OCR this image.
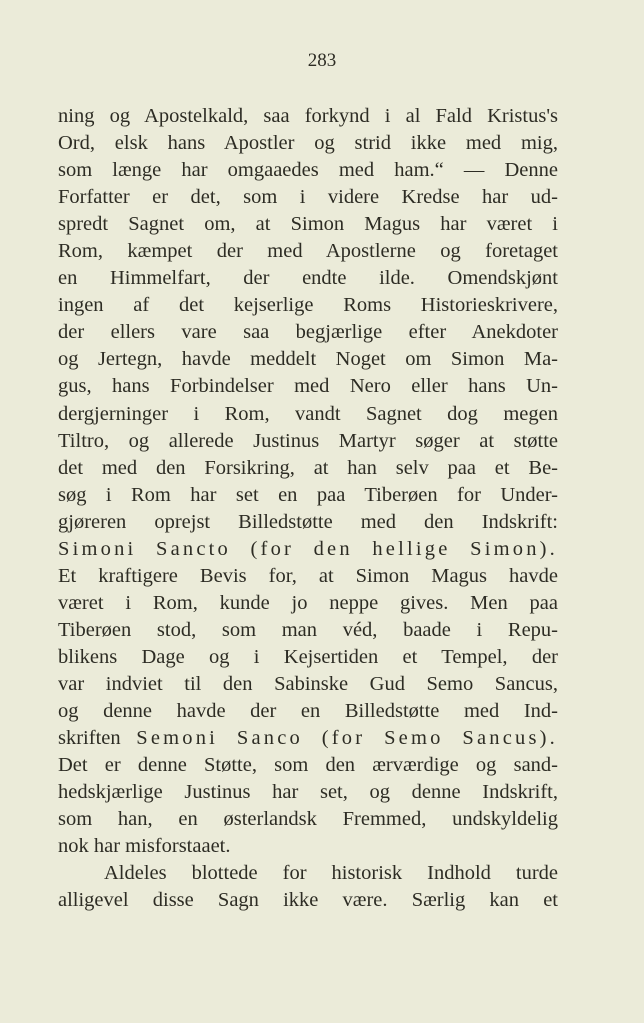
283
ning og Apostelkald, saa forkynd i al Fald Kristus's
Ord, elsk hans Apostler og strid ikke med mig,
som længe har omgaaedes med ham.“ — Denne
Forfatter er det, som i videre Kredse har ud-
spredt Sagnet om, at Simon Magus har været i
Rom, kæmpet der med Apostlerne og foretaget
en Himmelfart, der endte ilde. Omendskjønt
ingen af det kejserlige Roms Historieskrivere,
der ellers vare saa begjærlige efter Anekdoter
og Jertegn, havde meddelt Noget om Simon Ma-
gus, hans Forbindelser med Nero eller hans Un-
dergjerninger i Rom, vandt Sagnet dog megen
Tiltro, og allerede Justinus Martyr søger at støtte
det med den Forsikring, at han selv paa et Be-
søg i Rom har set en paa Tiberøen for Under-
gjøreren oprejst Billedstøtte med den Indskrift:
Simoni Sancto (for den hellige Simon).
Et kraftigere Bevis for, at Simon Magus havde
været i Rom, kunde jo neppe gives. Men paa
Tiberøen stod, som man véd, baade i Repu-
blikens Dage og i Kejsertiden et Tempel, der
var indviet til den Sabinske Gud Semo Sancus,
og denne havde der en Billedstøtte med Ind-
skriften Semoni Sanco (for Semo Sancus).
Det er denne Støtte, som den ærværdige og sand-
hedskjærlige Justinus har set, og denne Indskrift,
som han, en østerlandsk Fremmed, undskyldelig
nok har misforstaaet.
Aldeles blottede for historisk Indhold turde
alligevel disse Sagn ikke være. Særlig kan et
